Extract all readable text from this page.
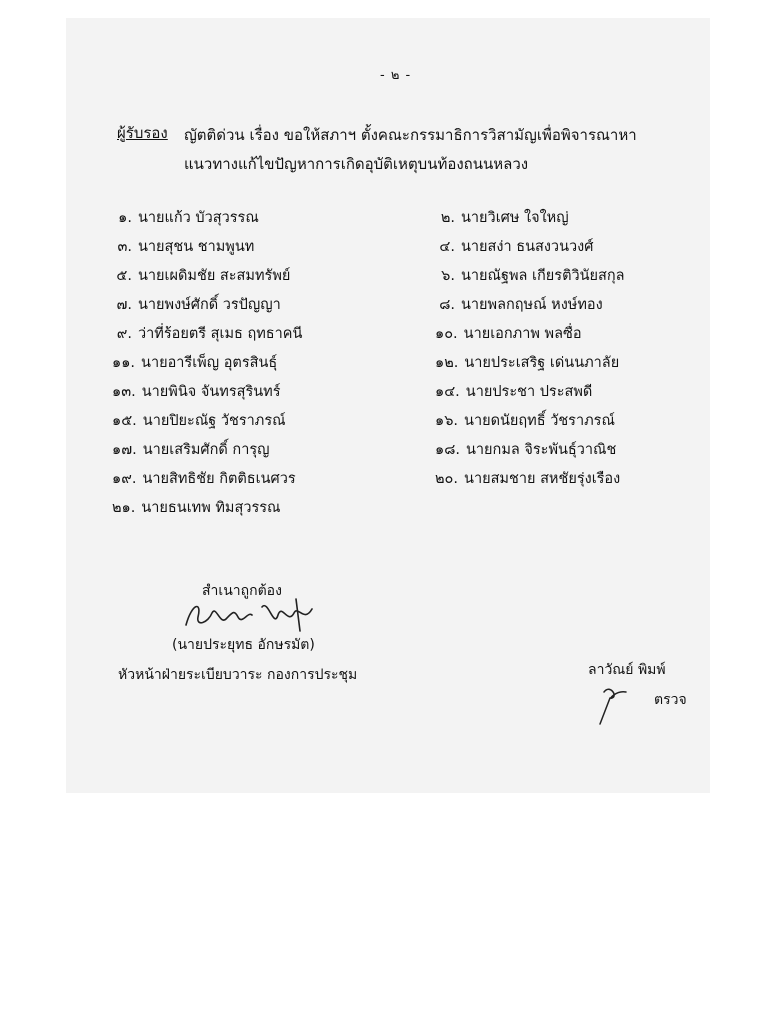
- ๒ -
ผู้รับรอง ญัตติด่วน เรื่อง ขอให้สภาฯ ตั้งคณะกรรมาธิการวิสามัญเพื่อพิจารณาหาแนวทางแก้ไขปัญหาการเกิดอุบัติเหตุบนท้องถนนหลวง
๑. นายแก้ว บัวสุวรรณ	๒. นายวิเศษ ใจใหญ่
๓. นายสุชน ชามพูนท	๔. นายสง่า ธนสงวนวงศ์
๕. นายเผดิมชัย สะสมทรัพย์	๖. นายณัฐพล เกียรติวินัยสกุล
๗. นายพงษ์ศักดิ์ วรปัญญา	๘. นายพลกฤษณ์ หงษ์ทอง
๙. ว่าที่ร้อยตรี สุเมธ ฤทธาคนี	๑๐. นายเอกภาพ พลซื่อ
๑๑. นายอารีเพ็ญ อุตรสินธุ์	๑๒. นายประเสริฐ เด่นนภาลัย
๑๓. นายพินิจ จันทรสุรินทร์	๑๔. นายประชา ประสพดี
๑๕. นายปิยะณัฐ วัชราภรณ์	๑๖. นายดนัยฤทธิ์ วัชราภรณ์
๑๗. นายเสริมศักดิ์ การุญ	๑๘. นายกมล จิระพันธุ์วาณิช
๑๙. นายสิทธิชัย กิตติธเนศวร	๒๐. นายสมชาย สหชัยรุ่งเรือง
๒๑. นายธนเทพ ทิมสุวรรณ
สำเนาถูกต้อง
(นายประยุทธ อักษรมัต)
หัวหน้าฝ่ายระเบียบวาระ กองการประชุม	ลาวัณย์ พิมพ์
ตรวจ
